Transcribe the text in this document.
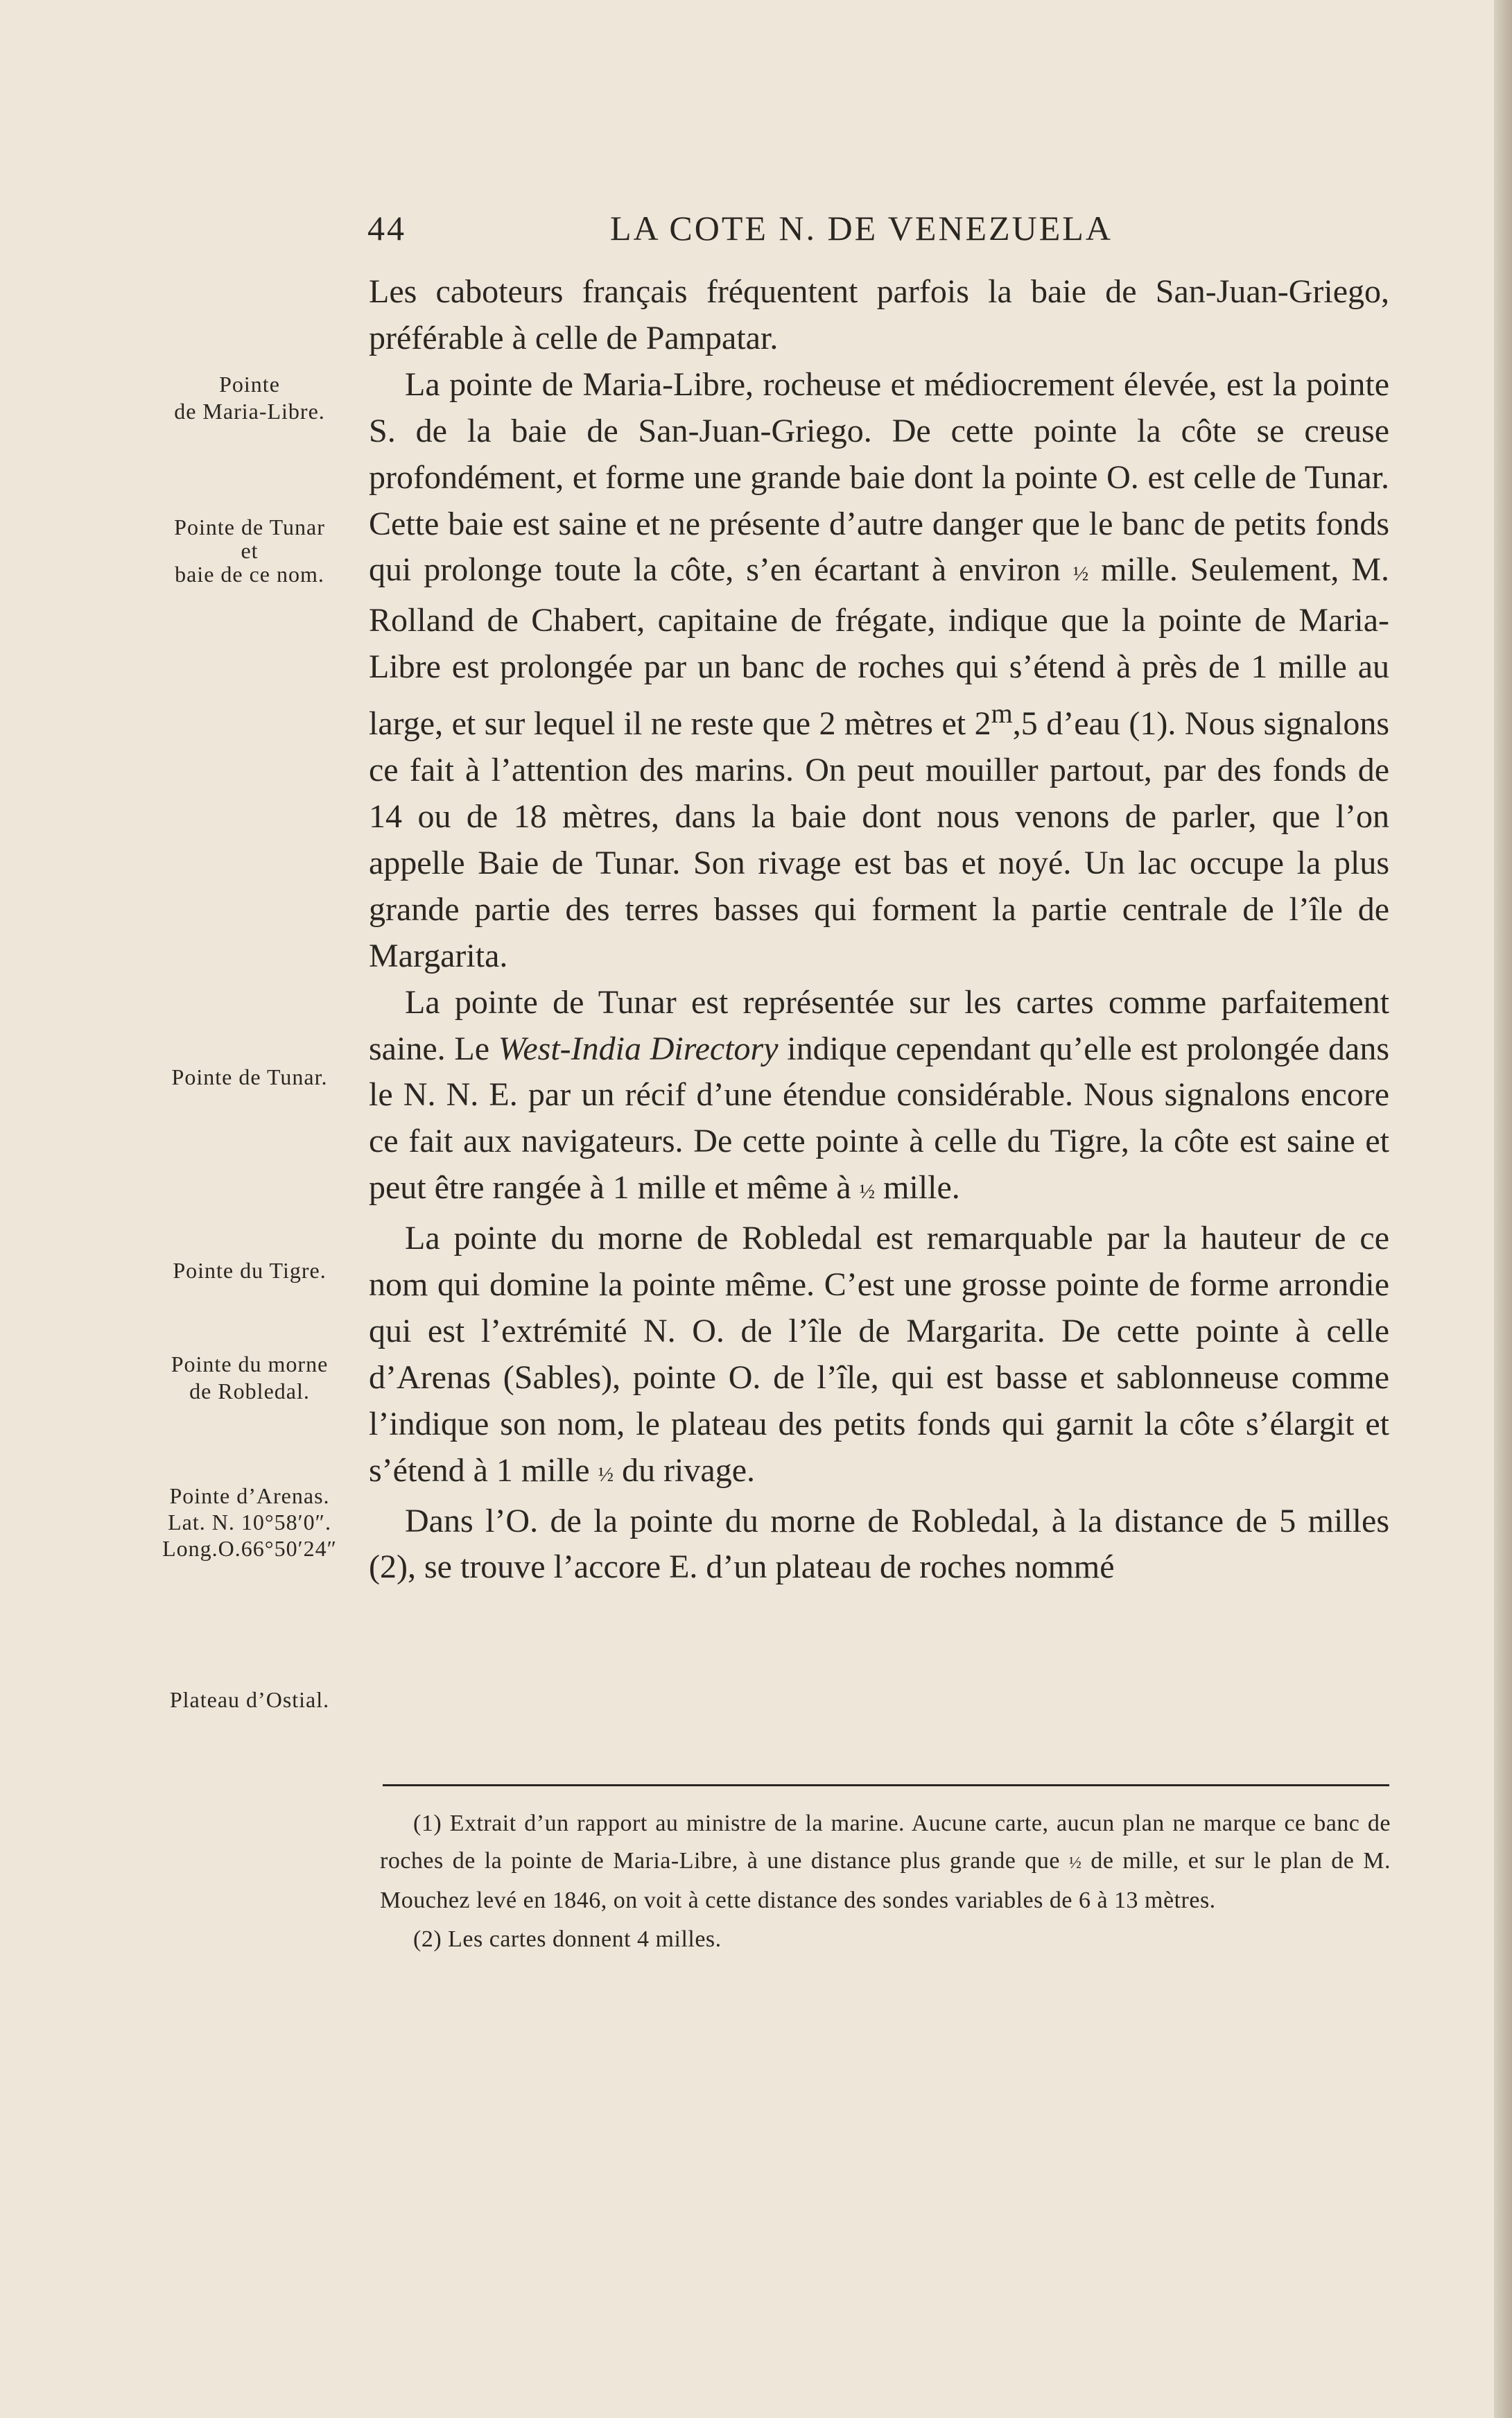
44	LA COTE N. DE VENEZUELA

Les caboteurs français fréquentent parfois la baie de San-Juan-Griego, préférable à celle de Pampatar.

La pointe de Maria-Libre, rocheuse et médiocrement élevée, est la pointe S. de la baie de San-Juan-Griego. De cette pointe la côte se creuse profondément, et forme une grande baie dont la pointe O. est celle de Tunar. Cette baie est saine et ne présente d’autre danger que le banc de petits fonds qui prolonge toute la côte, s’en écartant à environ ½ mille. Seulement, M. Rolland de Chabert, capitaine de frégate, indique que la pointe de Maria-Libre est prolongée par un banc de roches qui s’étend à près de 1 mille au large, et sur lequel il ne reste que 2 mètres et 2$^m$,5 d’eau (1). Nous signalons ce fait à l’attention des marins. On peut mouiller partout, par des fonds de 14 ou de 18 mètres, dans la baie dont nous venons de parler, que l’on appelle Baie de Tunar. Son rivage est bas et noyé. Un lac occupe la plus grande partie des terres basses qui forment la partie centrale de l’île de Margarita.

La pointe de Tunar est représentée sur les cartes comme parfaitement saine. Le West-India Directory indique cependant qu’elle est prolongée dans le N. N. E. par un récif d’une étendue considérable. Nous signalons encore ce fait aux navigateurs. De cette pointe à celle du Tigre, la côte est saine et peut être rangée à 1 mille et même à ½ mille.

La pointe du morne de Robledal est remarquable par la hauteur de ce nom qui domine la pointe même. C’est une grosse pointe de forme arrondie qui est l’extrémité N. O. de l’île de Margarita. De cette pointe à celle d’Arenas (Sables), pointe O. de l’île, qui est basse et sablonneuse comme l’indique son nom, le plateau des petits fonds qui garnit la côte s’élargit et s’étend à 1 mille ½ du rivage.

Dans l’O. de la pointe du morne de Robledal, à la distance de 5 milles (2), se trouve l’accore E. d’un plateau de roches nommé

Pointe
de Maria-Libre.
Pointe de Tunar
et
baie de ce nom.
Pointe de Tunar.
Pointe du Tigre.
Pointe du morne
de Robledal.
Pointe d’Arenas.
Lat. N. 10°58′0″.
Long.O.66°50′24″
Plateau d’Ostial.

(1) Extrait d’un rapport au ministre de la marine. Aucune carte, aucun plan ne marque ce banc de roches de la pointe de Maria-Libre, à une distance plus grande que ½ de mille, et sur le plan de M. Mouchez levé en 1846, on voit à cette distance des sondes variables de 6 à 13 mètres.

(2) Les cartes donnent 4 milles.
